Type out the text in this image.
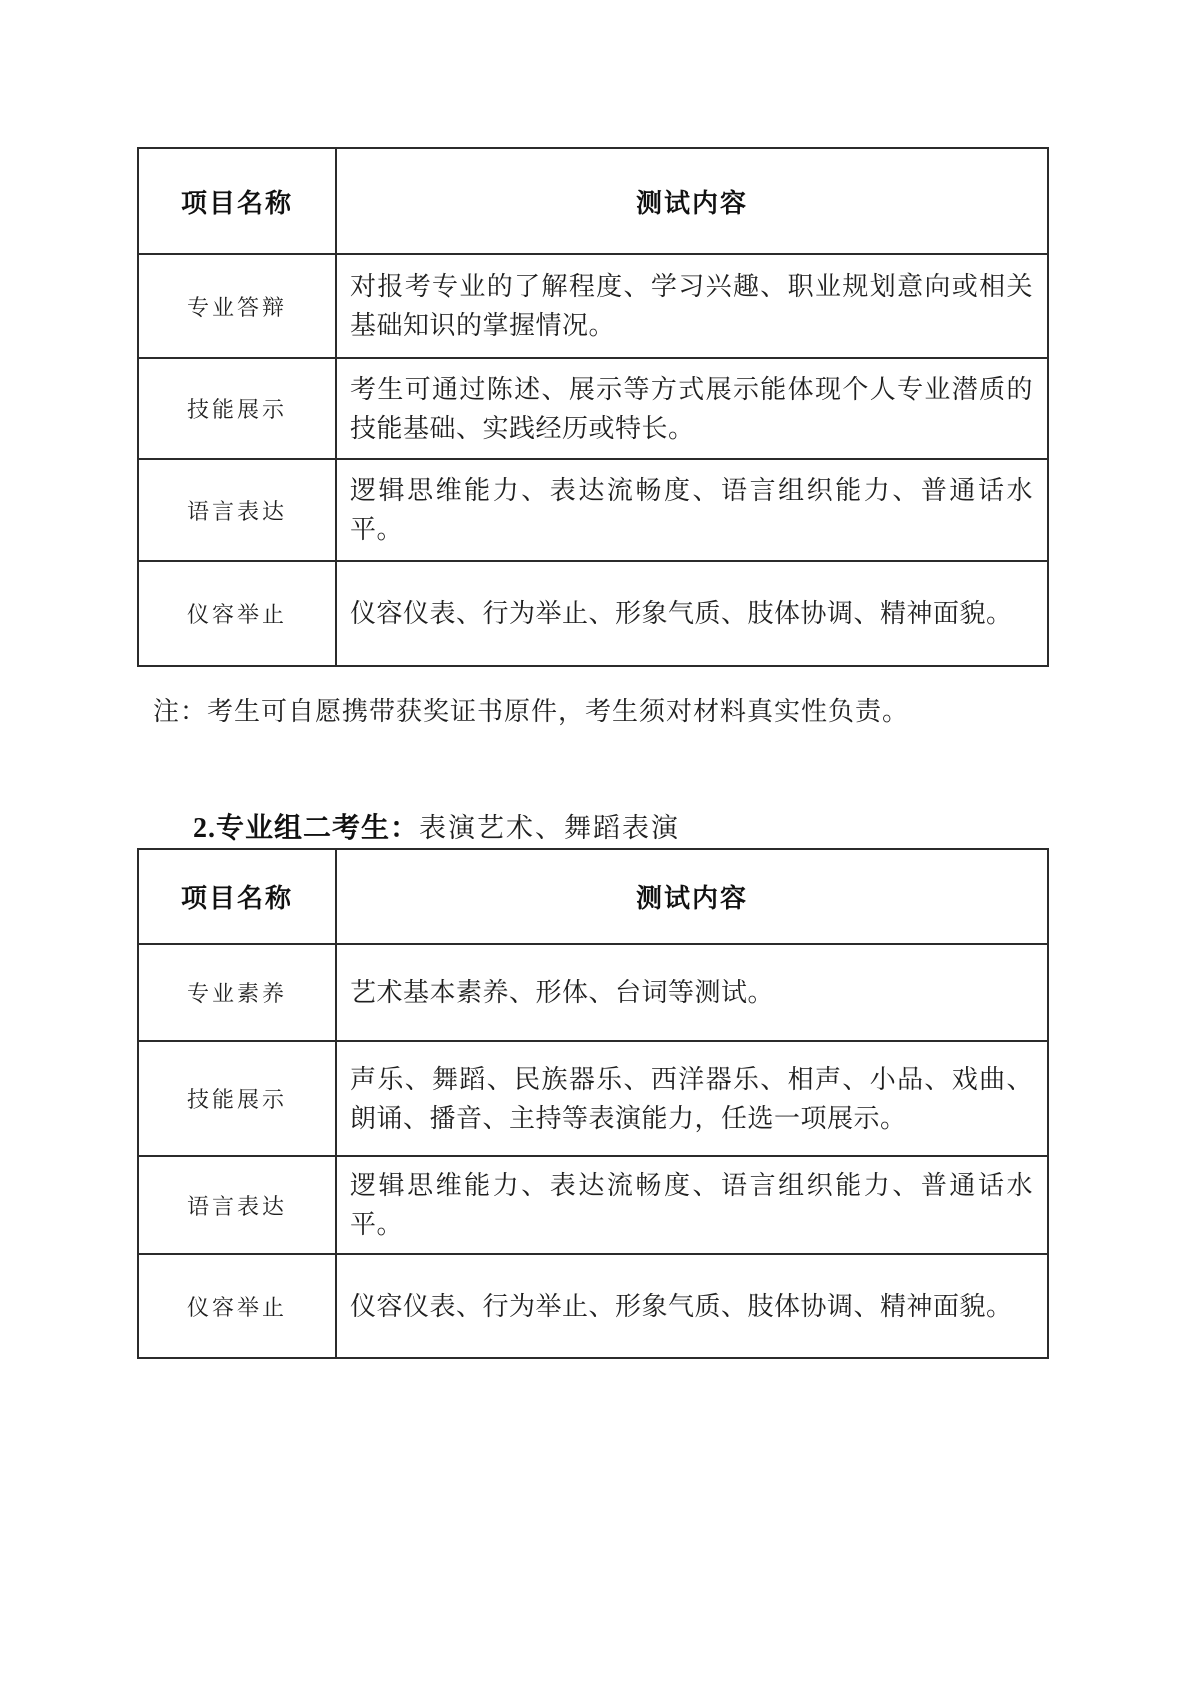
项目名称	测试内容
专业答辩	对报考专业的了解程度、学习兴趣、职业规划意向或相关基础知识的掌握情况。
技能展示	考生可通过陈述、展示等方式展示能体现个人专业潜质的技能基础、实践经历或特长。
语言表达	逻辑思维能力、表达流畅度、语言组织能力、普通话水平。
仪容举止	仪容仪表、行为举止、形象气质、肢体协调、精神面貌。

注：考生可自愿携带获奖证书原件，考生须对材料真实性负责。

2.专业组二考生：表演艺术、舞蹈表演

项目名称	测试内容
专业素养	艺术基本素养、形体、台词等测试。
技能展示	声乐、舞蹈、民族器乐、西洋器乐、相声、小品、戏曲、朗诵、播音、主持等表演能力，任选一项展示。
语言表达	逻辑思维能力、表达流畅度、语言组织能力、普通话水平。
仪容举止	仪容仪表、行为举止、形象气质、肢体协调、精神面貌。
